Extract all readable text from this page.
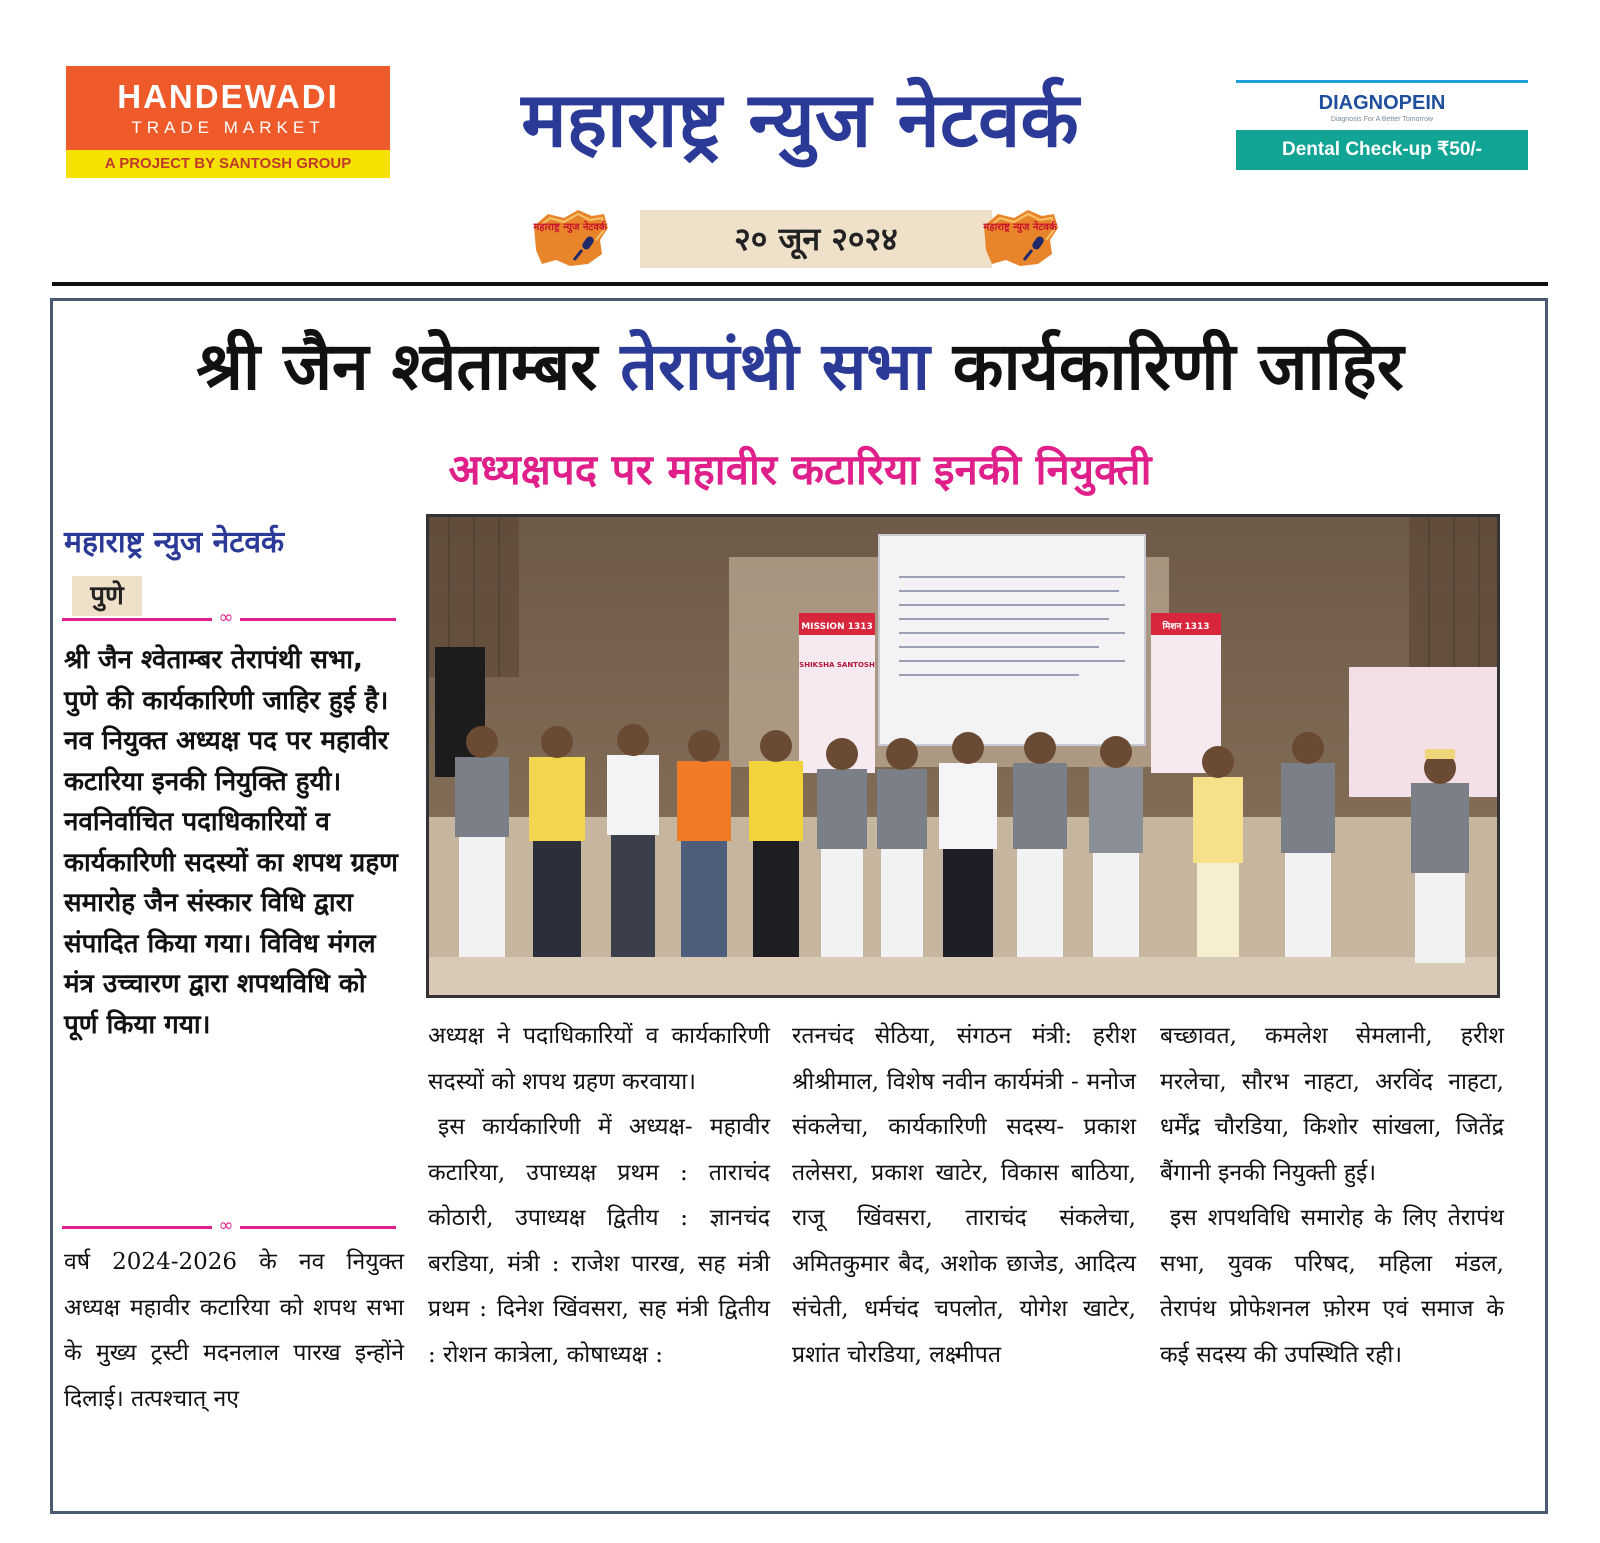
HANDEWADI
TRADE MARKET
A PROJECT BY SANTOSH GROUP	महाराष्ट्र न्युज नेटवर्क	DIAGNOPEIN
Diagnosis For A Better Tomorrow
Dental Check-up ₹50/-
महाराष्ट्र न्युज नेटवर्क	२० जून २०२४	महाराष्ट्र न्युज नेटवर्क
श्री जैन श्वेताम्बर तेरापंथी सभा कार्यकारिणी जाहिर
अध्यक्षपद पर महावीर कटारिया इनकी नियुक्ती
महाराष्ट्र न्युज नेटवर्क
पुणे
∞
श्री जैन श्वेताम्बर तेरापंथी सभा, पुणे की कार्यकारिणी जाहिर हुई है। नव नियुक्त अध्यक्ष पद पर महावीर कटारिया इनकी नियुक्ति हुयी। नवनिर्वाचित पदाधिकारियों व कार्यकारिणी सदस्यों का शपथ ग्रहण समारोह जैन संस्कार विधि द्वारा संपादित किया गया। विविध मंगल मंत्र उच्चारण द्वारा शपथविधि को पूर्ण किया गया।
∞
वर्ष 2024-2026 के नव नियुक्त अध्यक्ष महावीर कटारिया को शपथ सभा के मुख्य ट्रस्टी मदनलाल पारख इन्होंने दिलाई। तत्पश्चात् नए
MISSION 1313
SHIKSHA SANTOSH
मिशन 1313
अध्यक्ष ने पदाधिकारियों व कार्यकारिणी सदस्यों को शपथ ग्रहण करवाया।
इस कार्यकारिणी में अध्यक्ष- महावीर कटारिया, उपाध्यक्ष प्रथम : ताराचंद कोठारी, उपाध्यक्ष द्वितीय : ज्ञानचंद बरडिया, मंत्री : राजेश पारख, सह मंत्री प्रथम : दिनेश खिंवसरा, सह मंत्री द्वितीय : रोशन कात्रेला, कोषाध्यक्ष :
रतनचंद सेठिया, संगठन मंत्री: हरीश श्रीश्रीमाल, विशेष नवीन कार्यमंत्री - मनोज संकलेचा, कार्यकारिणी सदस्य- प्रकाश तलेसरा, प्रकाश खाटेर, विकास बाठिया, राजू खिंवसरा, ताराचंद संकलेचा, अमितकुमार बैद, अशोक छाजेड, आदित्य संचेती, धर्मचंद चपलोत, योगेश खाटेर, प्रशांत चोरडिया, लक्ष्मीपत
बच्छावत, कमलेश सेमलानी, हरीश मरलेचा, सौरभ नाहटा, अरविंद नाहटा, धर्मेंद्र चौरडिया, किशोर सांखला, जितेंद्र बैंगानी इनकी नियुक्ती हुई।
इस शपथविधि समारोह के लिए तेरापंथ सभा, युवक परिषद, महिला मंडल, तेरापंथ प्रोफेशनल फ़ोरम एवं समाज के कई सदस्य की उपस्थिति रही।
